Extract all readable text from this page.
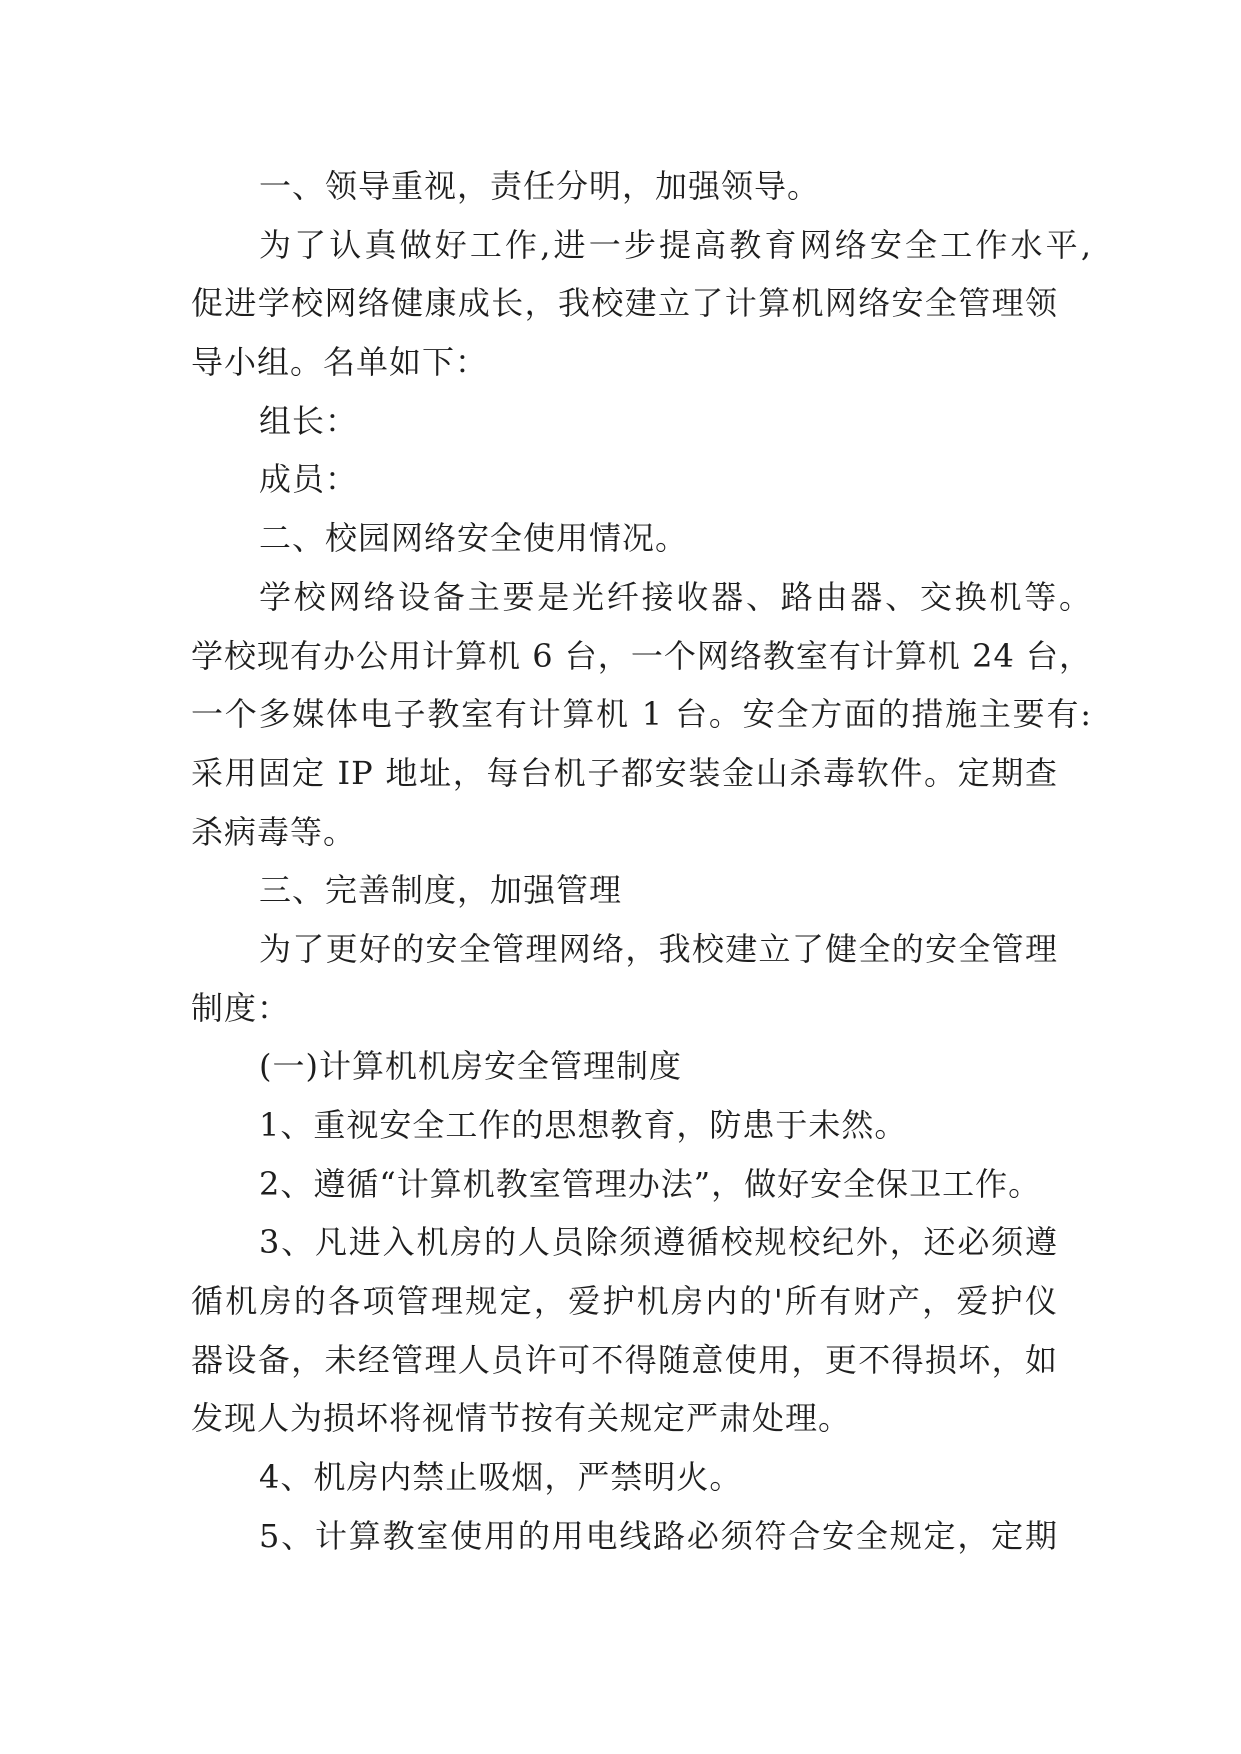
一、领导重视，责任分明，加强领导。
为了认真做好工作,进一步提高教育网络安全工作水平,
促进学校网络健康成长，我校建立了计算机网络安全管理领
导小组。名单如下：
组长：
成员：
二、校园网络安全使用情况。
学校网络设备主要是光纤接收器、路由器、交换机等。
学校现有办公用计算机 6 台，一个网络教室有计算机 24 台，
一个多媒体电子教室有计算机 1 台。安全方面的措施主要有:
采用固定 IP 地址，每台机子都安装金山杀毒软件。定期查
杀病毒等。
三、完善制度，加强管理
为了更好的安全管理网络，我校建立了健全的安全管理
制度：
(一)计算机机房安全管理制度
1、重视安全工作的思想教育，防患于未然。
2、遵循“计算机教室管理办法”，做好安全保卫工作。
3、凡进入机房的人员除须遵循校规校纪外，还必须遵
循机房的各项管理规定，爱护机房内的'所有财产，爱护仪
器设备，未经管理人员许可不得随意使用，更不得损坏，如
发现人为损坏将视情节按有关规定严肃处理。
4、机房内禁止吸烟，严禁明火。
5、计算教室使用的用电线路必须符合安全规定，定期
